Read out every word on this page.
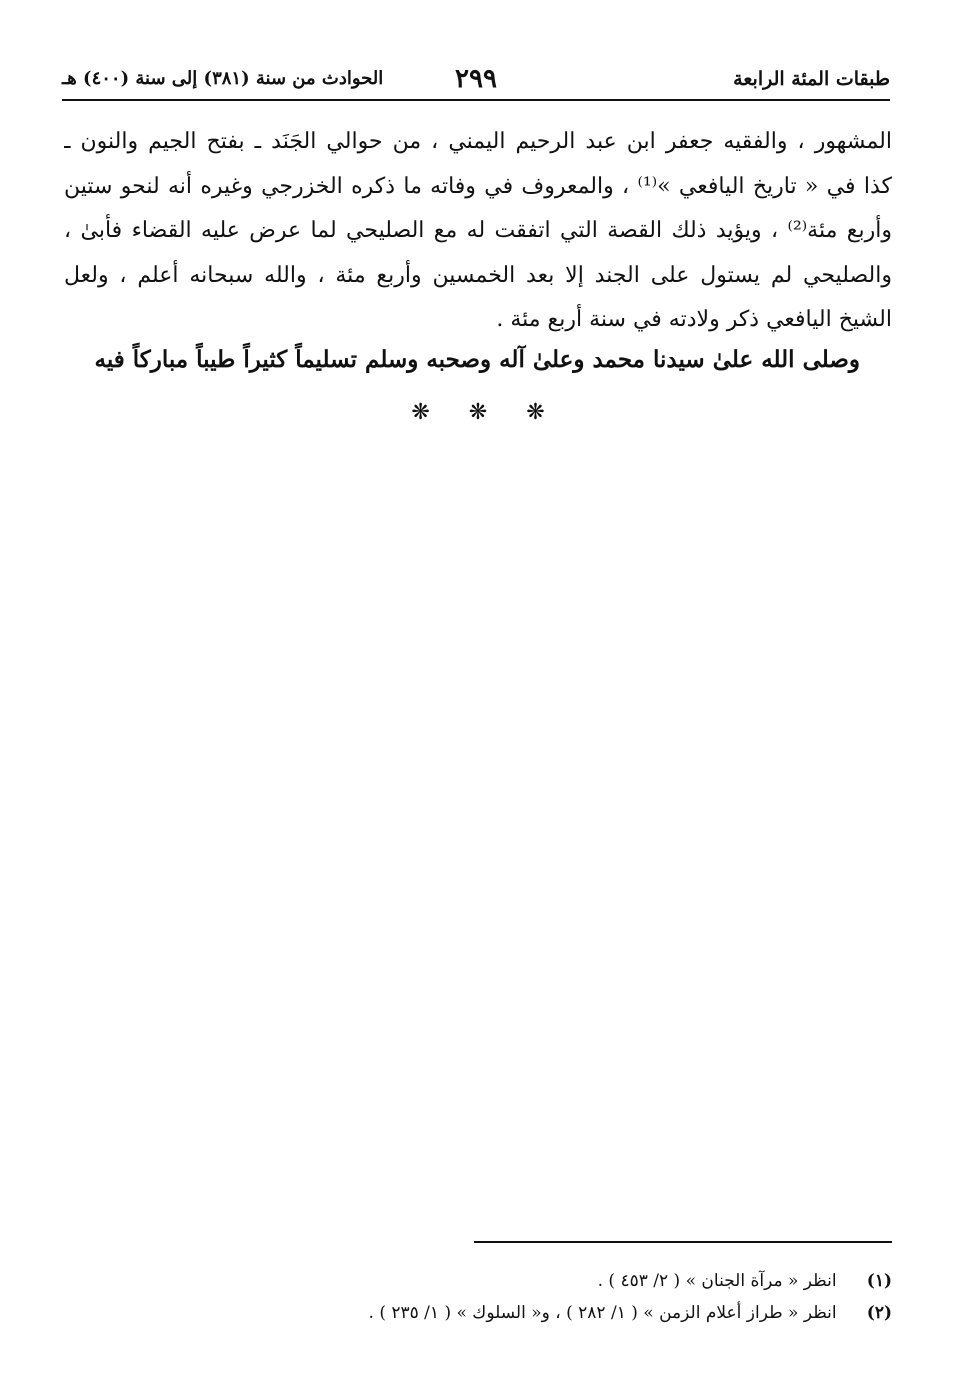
طبقات المئة الرابعة
٢٩٩
الحوادث من سنة (٣٨١) إلى سنة (٤٠٠) هـ
المشهور ، والفقيه جعفر ابن عبد الرحيم اليمني ، من حوالي الجَنَد ـ بفتح الجيم والنون ـ
كذا في « تاريخ اليافعي »⁽¹⁾ ، والمعروف في وفاته ما ذكره الخزرجي وغيره أنه لنحو ستين
وأربع مئة⁽²⁾ ، ويؤيد ذلك القصة التي اتفقت له مع الصليحي لما عرض عليه القضاء فأبىٰ ،
والصليحي لم يستول على الجند إلا بعد الخمسين وأربع مئة ، والله سبحانه أعلم ، ولعل
الشيخ اليافعي ذكر ولادته في سنة أربع مئة .
وصلى الله علىٰ سيدنا محمد وعلىٰ آله وصحبه وسلم تسليماً كثيراً طيباً مباركاً فيه
❋ ❋ ❋
(١) انظر « مرآة الجنان » ( ٢/ ٤٥٣ ) .
(٢) انظر « طراز أعلام الزمن » ( ١/ ٢٨٢ ) ، و« السلوك » ( ١/ ٢٣٥ ) .
